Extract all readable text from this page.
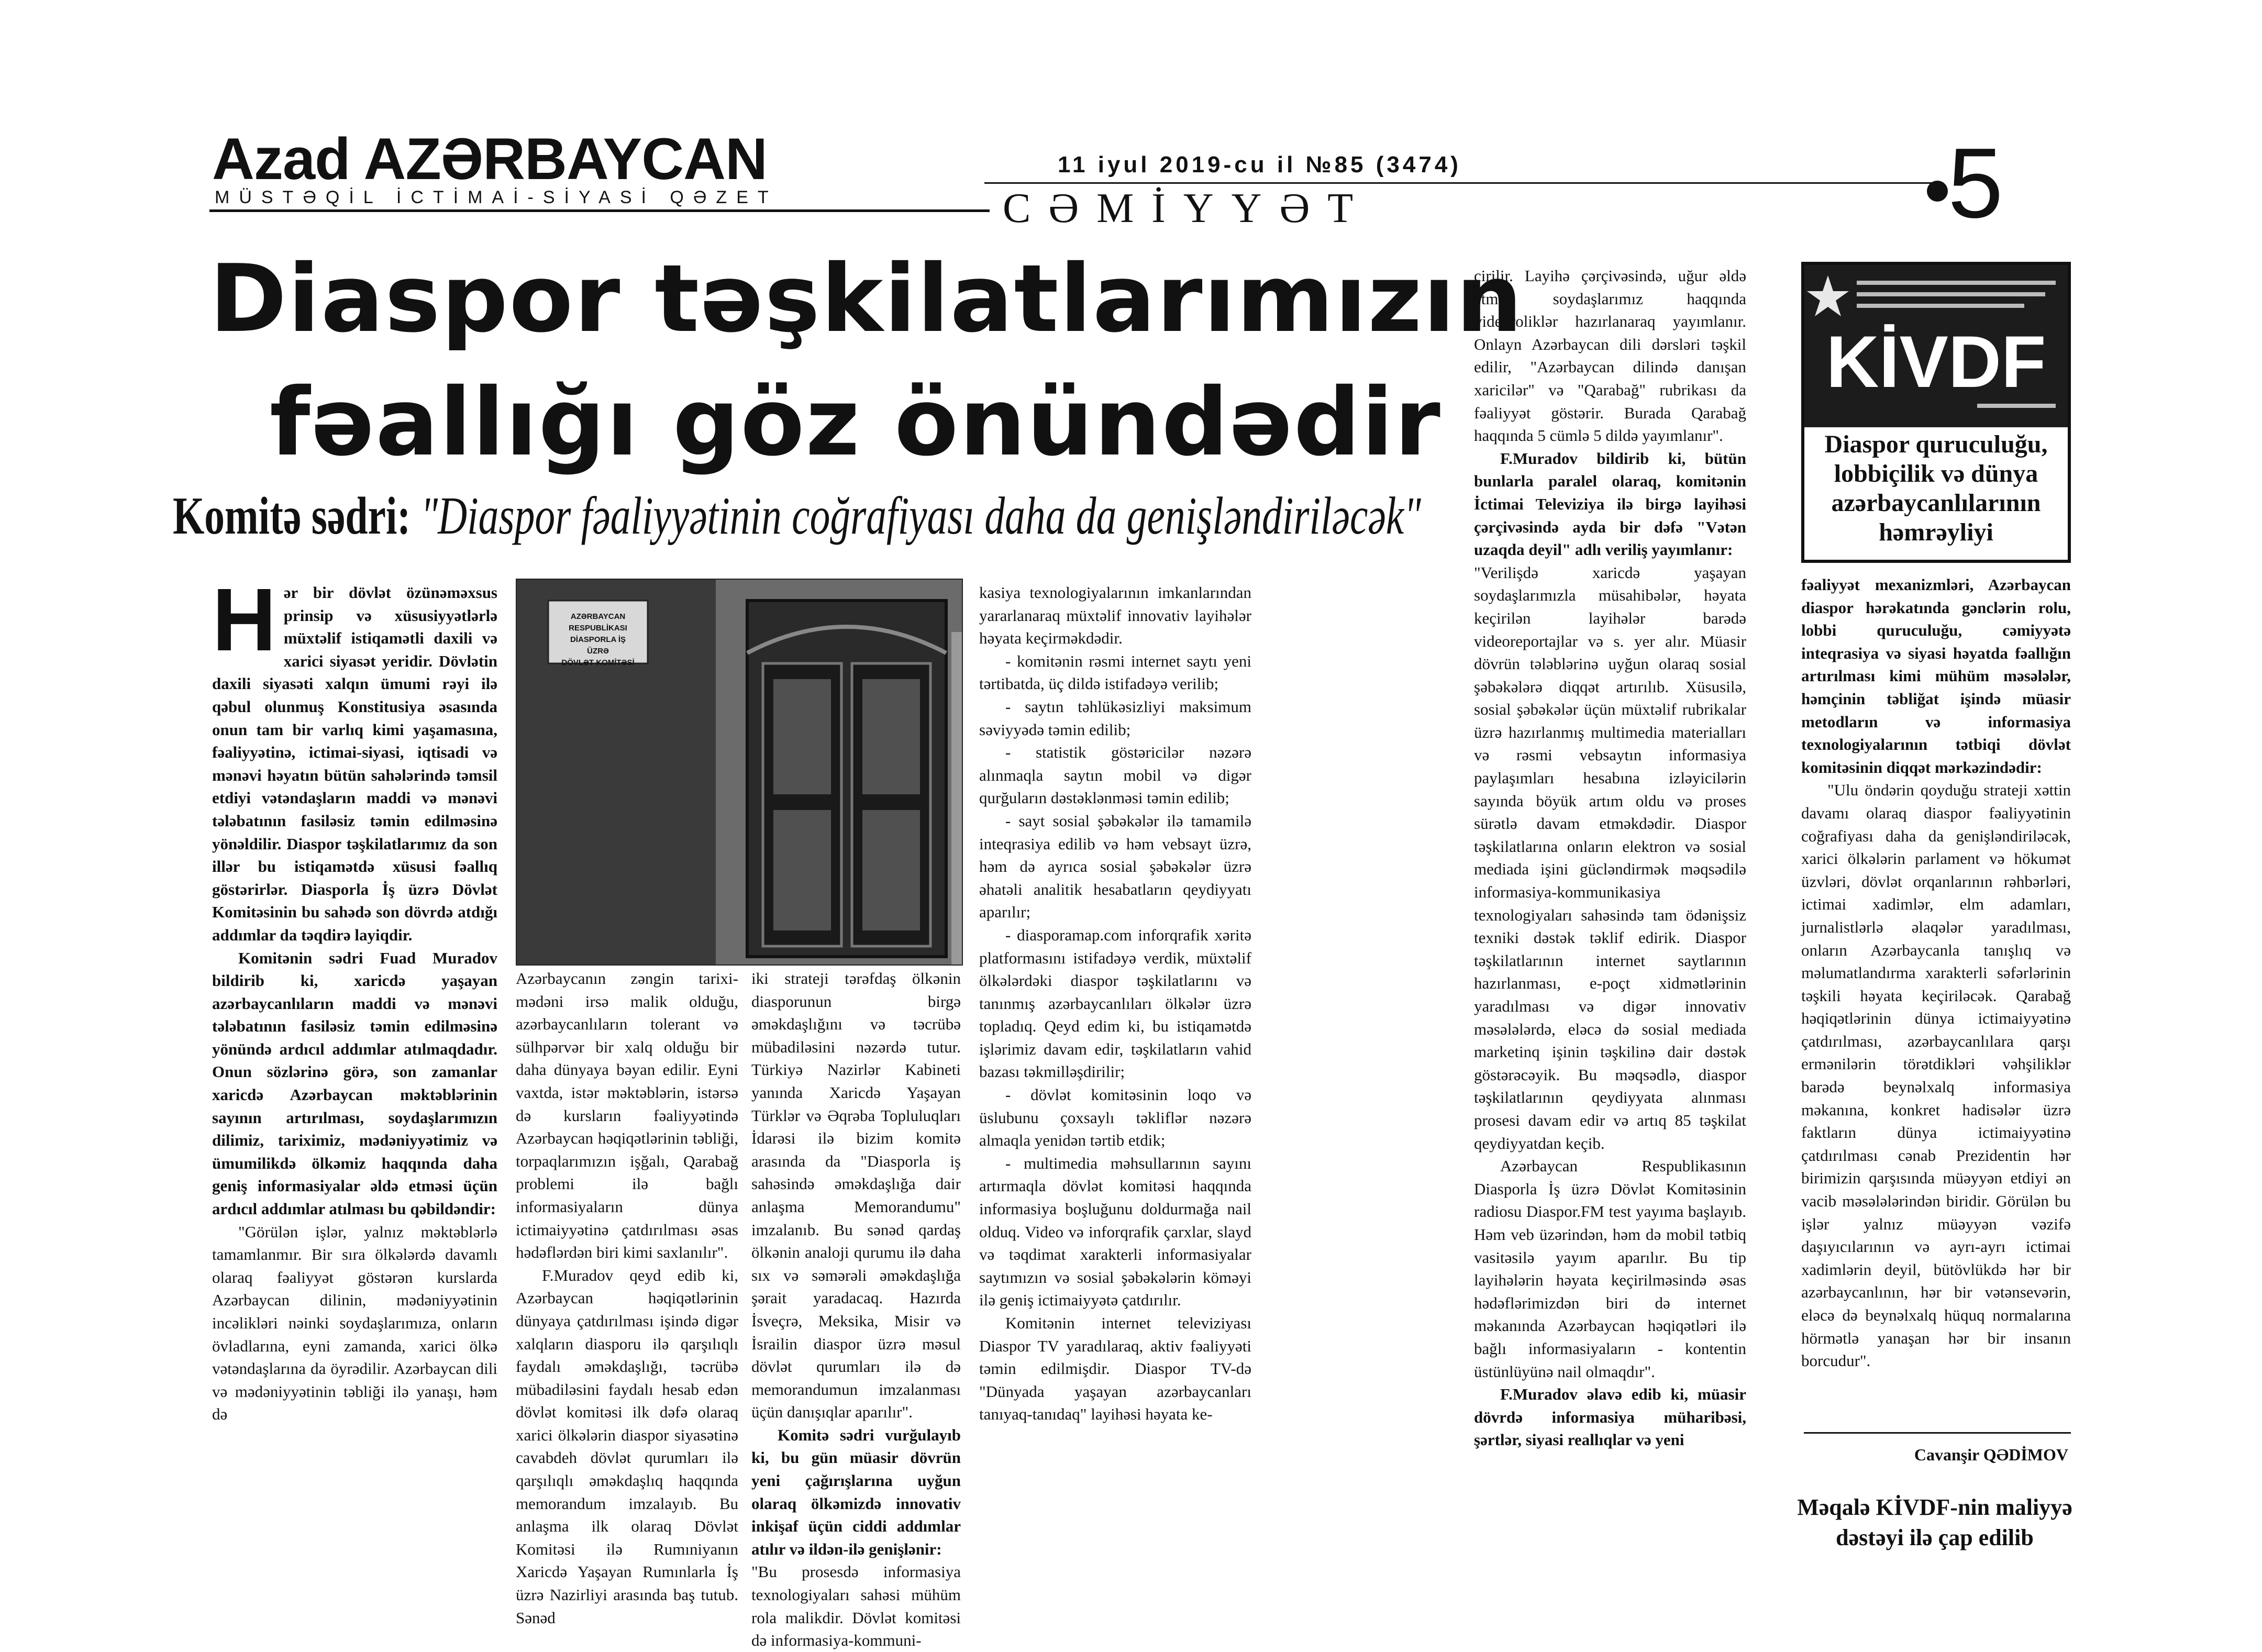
Azad AZƏRBAYCAN
MÜSTƏQİL İCTİMAİ-SİYASİ QƏZET
11 iyul 2019-cu il №85 (3474)
CƏMİYYƏT	5
Diaspor təşkilatlarımızın
fəallığı göz önündədir
Komitə sədri: "Diaspor fəaliyyətinin coğrafiyası daha da genişləndiriləcək"

Hər bir dövlət özünəməxsus prinsip və xüsusiyyətlərlə müxtəlif istiqamətli daxili və xarici siyasət yeridir. Dövlətin daxili siyasəti xalqın ümumi rəyi ilə qəbul olunmuş Konstitusiya əsasında onun tam bir varlıq kimi yaşamasına, fəaliyyətinə, ictimai-siyasi, iqtisadi və mənəvi həyatın bütün sahələrində təmsil etdiyi vətəndaşların maddi və mənəvi tələbatının fasiləsiz təmin edilməsinə yönəldilir. Diaspor təşkilatlarımız da son illər bu istiqamətdə xüsusi fəallıq göstərirlər. Diasporla İş üzrə Dövlət Komitəsinin bu sahədə son dövrdə atdığı addımlar da təqdirə layiqdir.

Komitənin sədri Fuad Muradov bildirib ki, xaricdə yaşayan azərbaycanlıların maddi və mənəvi tələbatının fasiləsiz təmin edilməsinə yönündə ardıcıl addımlar atılmaqdadır. Onun sözlərinə görə, son zamanlar xaricdə Azərbaycan məktəblərinin sayının artırılması, soydaşlarımızın dilimiz, tariximiz, mədəniyyətimiz və ümumilikdə ölkəmiz haqqında daha geniş informasiyalar əldə etməsi üçün ardıcıl addımlar atılması bu qəbildəndir:

"Görülən işlər, yalnız məktəblərlə tamamlanmır. Bir sıra ölkələrdə davamlı olaraq fəaliyyət göstərən kurslarda Azərbaycan dilinin, mədəniyyətinin incəlikləri nəinki soydaşlarımıza, onların övladlarına, eyni zamanda, xarici ölkə vətəndaşlarına da öyrədilir. Azərbaycan dili və mədəniyyətinin təbliği ilə yanaşı, həm də

AZƏRBAYCAN RESPUBLİKASI
DİASPORLA İŞ
ÜZRƏ
DÖVLƏT KOMİTƏSİ

Azərbaycanın zəngin tarixi-mədəni irsə malik olduğu, azərbaycanlıların tolerant və sülhpərvər bir xalq olduğu bir daha dünyaya bəyan edilir. Eyni vaxtda, istər məktəblərin, istərsə də kursların fəaliyyətində Azərbaycan həqiqətlərinin təbliği, torpaqlarımızın işğalı, Qarabağ problemi ilə bağlı informasiyaların dünya ictimaiyyətinə çatdırılması əsas hədəflərdən biri kimi saxlanılır".

F.Muradov qeyd edib ki, Azərbaycan həqiqətlərinin dünyaya çatdırılması işində digər xalqların diasporu ilə qarşılıqlı faydalı əməkdaşlığı, təcrübə mübadiləsini faydalı hesab edən dövlət komitəsi ilk dəfə olaraq xarici ölkələrin diaspor siyasətinə cavabdeh dövlət qurumları ilə qarşılıqlı əməkdaşlıq haqqında memorandum imzalayıb. Bu anlaşma ilk olaraq Dövlət Komitəsi ilə Rumıniyanın Xaricdə Yaşayan Rumınlarla İş üzrə Nazirliyi arasında baş tutub. Sənəd

iki strateji tərəfdaş ölkənin diasporunun birgə əməkdaşlığını və təcrübə mübadiləsini nəzərdə tutur. Türkiyə Nazirlər Kabineti yanında Xaricdə Yaşayan Türklər və Əqrəba Topluluqları İdarəsi ilə bizim komitə arasında da "Diasporla iş sahəsində əməkdaşlığa dair anlaşma Memorandumu" imzalanıb. Bu sənəd qardaş ölkənin analoji qurumu ilə daha sıx və səmərəli əməkdaşlığa şərait yaradacaq. Hazırda İsveçrə, Meksika, Misir və İsrailin diaspor üzrə məsul dövlət qurumları ilə də memorandumun imzalanması üçün danışıqlar aparılır".

Komitə sədri vurğulayıb ki, bu gün müasir dövrün yeni çağırışlarına uyğun olaraq ölkəmizdə innovativ inkişaf üçün ciddi addımlar atılır və ildən-ilə genişlənir:

"Bu prosesdə informasiya texnologiyaları sahəsi mühüm rola malikdir. Dövlət komitəsi də informasiya-kommuni-

kasiya texnologiyalarının imkanlarından yararlanaraq müxtəlif innovativ layihələr həyata keçirməkdədir.

- komitənin rəsmi internet saytı yeni tərtibatda, üç dildə istifadəyə verilib;

- saytın təhlükəsizliyi maksimum səviyyədə təmin edilib;

- statistik göstəricilər nəzərə alınmaqla saytın mobil və digər qurğuların dəstəklənməsi təmin edilib;

- sayt sosial şəbəkələr ilə tamamilə inteqrasiya edilib və həm vebsayt üzrə, həm də ayrıca sosial şəbəkələr üzrə əhatəli analitik hesabatların qeydiyyatı aparılır;

- diasporamap.com inforqrafik xəritə platformasını istifadəyə verdik, müxtəlif ölkələrdəki diaspor təşkilatlarını və tanınmış azərbaycanlıları ölkələr üzrə topladıq. Qeyd edim ki, bu istiqamətdə işlərimiz davam edir, təşkilatların vahid bazası təkmilləşdirilir;

- dövlət komitəsinin loqo və üslubunu çoxsaylı təkliflər nəzərə almaqla yenidən tərtib etdik;

- multimedia məhsullarının sayını artırmaqla dövlət komitəsi haqqında informasiya boşluğunu doldurmağa nail olduq. Video və inforqrafik çarxlar, slayd və təqdimat xarakterli informasiyalar saytımızın və sosial şəbəkələrin köməyi ilə geniş ictimaiyyətə çatdırılır.

Komitənin internet televiziyası Diaspor TV yaradılaraq, aktiv fəaliyyəti təmin edilmişdir. Diaspor TV-də "Dünyada yaşayan azərbaycanları tanıyaq-tanıdaq" layihəsi həyata ke-

çirilir. Layihə çərçivəsində, uğur əldə etmiş soydaşlarımız haqqında videoroliklər hazırlanaraq yayımlanır. Onlayn Azərbaycan dili dərsləri təşkil edilir, "Azərbaycan dilində danışan xaricilər" və "Qarabağ" rubrikası da fəaliyyət göstərir. Burada Qarabağ haqqında 5 cümlə 5 dildə yayımlanır".

F.Muradov bildirib ki, bütün bunlarla paralel olaraq, komitənin İctimai Televiziya ilə birgə layihəsi çərçivəsində ayda bir dəfə "Vətən uzaqda deyil" adlı veriliş yayımlanır:

"Verilişdə xaricdə yaşayan soydaşlarımızla müsahibələr, həyata keçirilən layihələr barədə videoreportajlar və s. yer alır. Müasir dövrün tələblərinə uyğun olaraq sosial şəbəkələrə diqqət artırılıb. Xüsusilə, sosial şəbəkələr üçün müxtəlif rubrikalar üzrə hazırlanmış multimedia materialları və rəsmi vebsaytın informasiya paylaşımları hesabına izləyicilərin sayında böyük artım oldu və proses sürətlə davam etməkdədir. Diaspor təşkilatlarına onların elektron və sosial mediada işini gücləndirmək məqsədilə informasiya-kommunikasiya texnologiyaları sahəsində tam ödənişsiz texniki dəstək təklif edirik. Diaspor təşkilatlarının internet saytlarının hazırlanması, e-poçt xidmətlərinin yaradılması və digər innovativ məsələlərdə, eləcə də sosial mediada marketinq işinin təşkilinə dair dəstək göstərəcəyik. Bu məqsədlə, diaspor təşkilatlarının qeydiyyata alınması prosesi davam edir və artıq 85 təşkilat qeydiyyatdan keçib.

Azərbaycan Respublikasının Diasporla İş üzrə Dövlət Komitəsinin radiosu Diaspor.FM test yayıma başlayıb. Həm veb üzərindən, həm də mobil tətbiq vasitəsilə yayım aparılır. Bu tip layihələrin həyata keçirilməsində əsas hədəflərimizdən biri də internet məkanında Azərbaycan həqiqətləri ilə bağlı informasiyaların - kontentin üstünlüyünə nail olmaqdır".

F.Muradov əlavə edib ki, müasir dövrdə informasiya müharibəsi, şərtlər, siyasi reallıqlar və yeni

KİVDF
Diaspor quruculuğu, lobbiçilik və dünya azərbaycanlılarının həmrəyliyi

fəaliyyət mexanizmləri, Azərbaycan diaspor hərəkatında gənclərin rolu, lobbi quruculuğu, cəmiyyətə inteqrasiya və siyasi həyatda fəallığın artırılması kimi mühüm məsələlər, həmçinin təbliğat işində müasir metodların və informasiya texnologiyalarının tətbiqi dövlət komitəsinin diqqət mərkəzindədir:

"Ulu öndərin qoyduğu strateji xəttin davamı olaraq diaspor fəaliyyətinin coğrafiyası daha da genişləndiriləcək, xarici ölkələrin parlament və hökumət üzvləri, dövlət orqanlarının rəhbərləri, ictimai xadimlər, elm adamları, jurnalistlərlə əlaqələr yaradılması, onların Azərbaycanla tanışlıq və məlumatlandırma xarakterli səfərlərinin təşkili həyata keçiriləcək. Qarabağ həqiqətlərinin dünya ictimaiyyətinə çatdırılması, azərbaycanlılara qarşı ermənilərin törətdikləri vəhşiliklər barədə beynəlxalq informasiya məkanına, konkret hadisələr üzrə faktların dünya ictimaiyyətinə çatdırılması cənab Prezidentin hər birimizin qarşısında müəyyən etdiyi ən vacib məsələlərindən biridir. Görülən bu işlər yalnız müəyyən vəzifə daşıyıcılarının və ayrı-ayrı ictimai xadimlərin deyil, bütövlükdə hər bir azərbaycanlının, hər bir vətənsevərin, eləcə də beynəlxalq hüquq normalarına hörmətlə yanaşan hər bir insanın borcudur".

Cavanşir QƏDİMOV
Məqalə KİVDF-nin maliyyə dəstəyi ilə çap edilib
